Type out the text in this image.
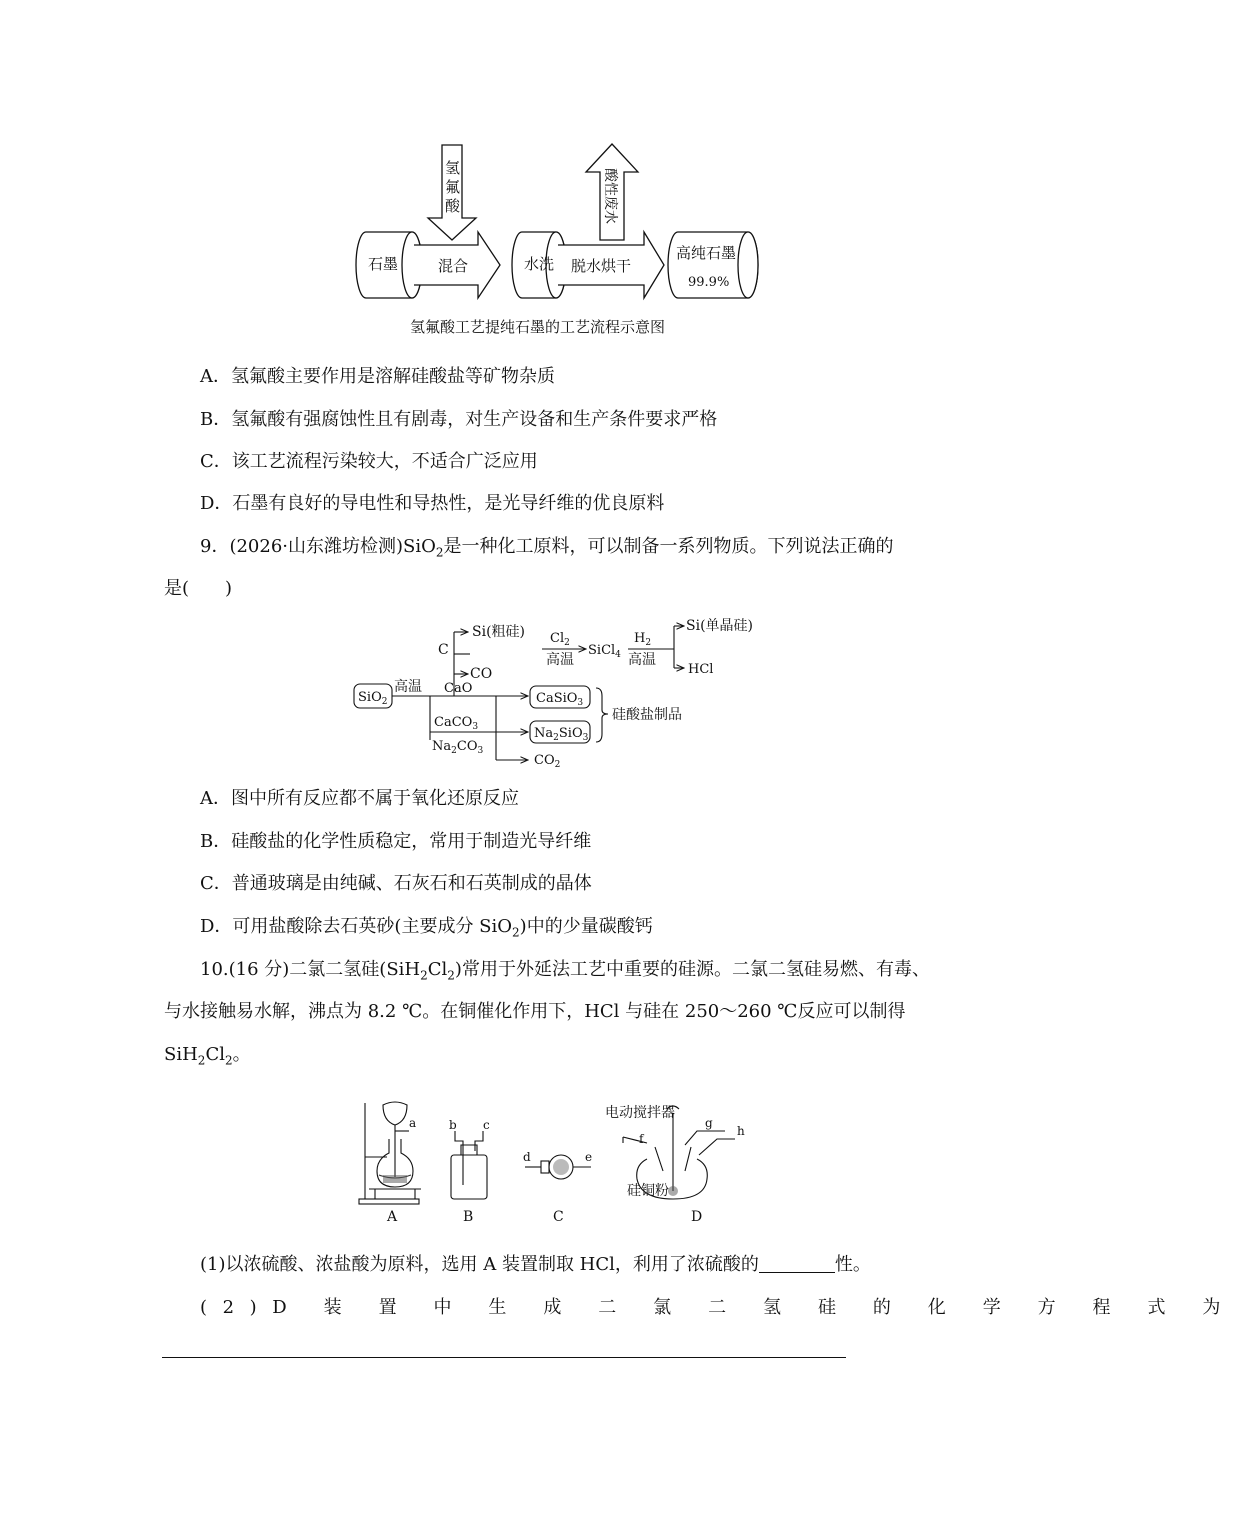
石墨	混合
氢
氟
酸
水洗 脱水烘干
酸性废水
高纯石墨
99.9%
氢氟酸工艺提纯石墨的工艺流程示意图
A．氢氟酸主要作用是溶解硅酸盐等矿物杂质
B．氢氟酸有强腐蚀性且有剧毒，对生产设备和生产条件要求严格
C．该工艺流程污染较大，不适合广泛应用
D．石墨有良好的导电性和导热性，是光导纤维的优良原料
9．(2026·山东潍坊检测)SiO$_2$是一种化工原料，可以制备一系列物质。下列说法正确的
是(　　)
SiO$_2$
高温
C
Si(粗硅)
CO
$Cl_2$
高温
SiCl$_4$
$H_2$
高温
Si(单晶硅)
HCl
CaO
CaSiO$_3$
CaCO$_3$
$Na_2CO_3$
$Na_2SiO_3$
$CO_2$
硅酸盐制品
A．图中所有反应都不属于氧化还原反应
B．硅酸盐的化学性质稳定，常用于制造光导纤维
C．普通玻璃是由纯碱、石灰石和石英制成的晶体
D．可用盐酸除去石英砂(主要成分 SiO$_2$)中的少量碳酸钙
10.(16 分)二氯二氢硅$(SiH_2Cl_2)$常用于外延法工艺中重要的硅源。二氯二氢硅易燃、有毒、
与水接触易水解，沸点为 8.2 ℃。在铜催化作用下，HCl 与硅在 250～260 ℃反应可以制得
$SiH_2Cl_2$。
a	b c
d	e
f
g
h
电动搅拌器
硅铜粉
A	B	C	D
(1)以浓硫酸、浓盐酸为原料，选用 A 装置制取 HCl，利用了浓硫酸的	性。
(2)D 装 置 中 生 成 二 氯 二 氢 硅 的 化 学 方 程 式 为
